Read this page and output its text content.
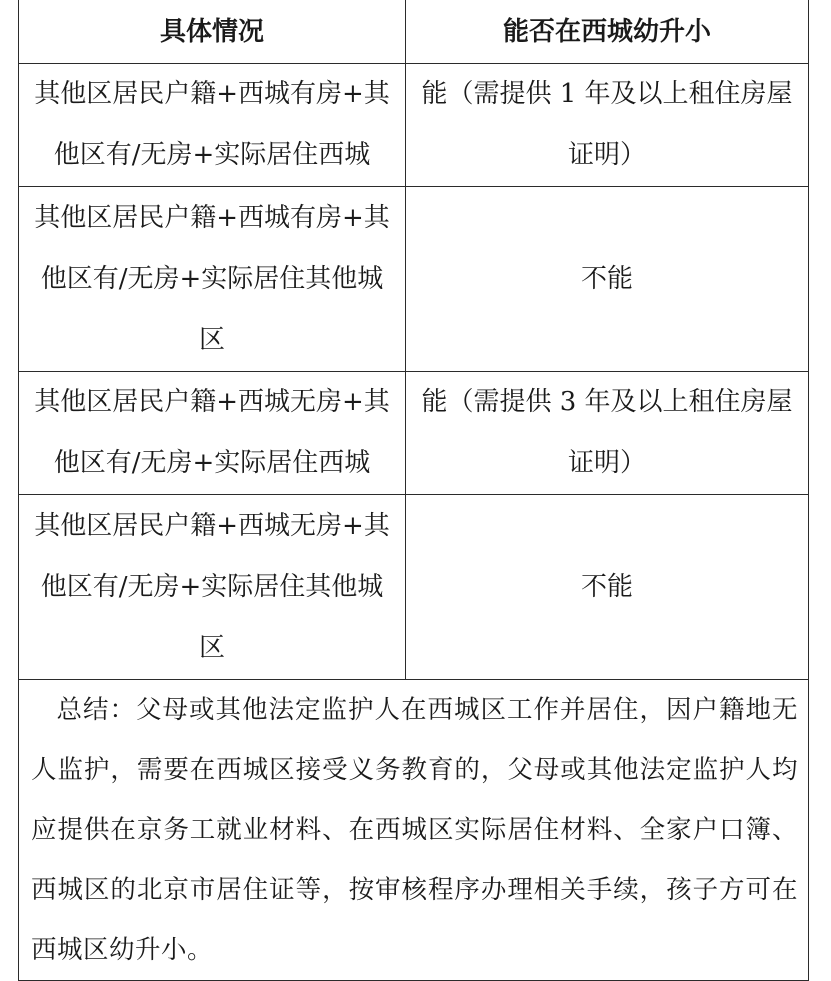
具体情况	能否在西城幼升小
其他区居民户籍+西城有房+其他区有/无房+实际居住西城	能（需提供 1 年及以上租住房屋证明）
其他区居民户籍+西城有房+其他区有/无房+实际居住其他城区	不能
其他区居民户籍+西城无房+其他区有/无房+实际居住西城	能（需提供 3 年及以上租住房屋证明）
其他区居民户籍+西城无房+其他区有/无房+实际居住其他城区	不能

总结：父母或其他法定监护人在西城区工作并居住，因户籍地无人监护，需要在西城区接受义务教育的，父母或其他法定监护人均应提供在京务工就业材料、在西城区实际居住材料、全家户口簿、西城区的北京市居住证等，按审核程序办理相关手续，孩子方可在西城区幼升小。	
